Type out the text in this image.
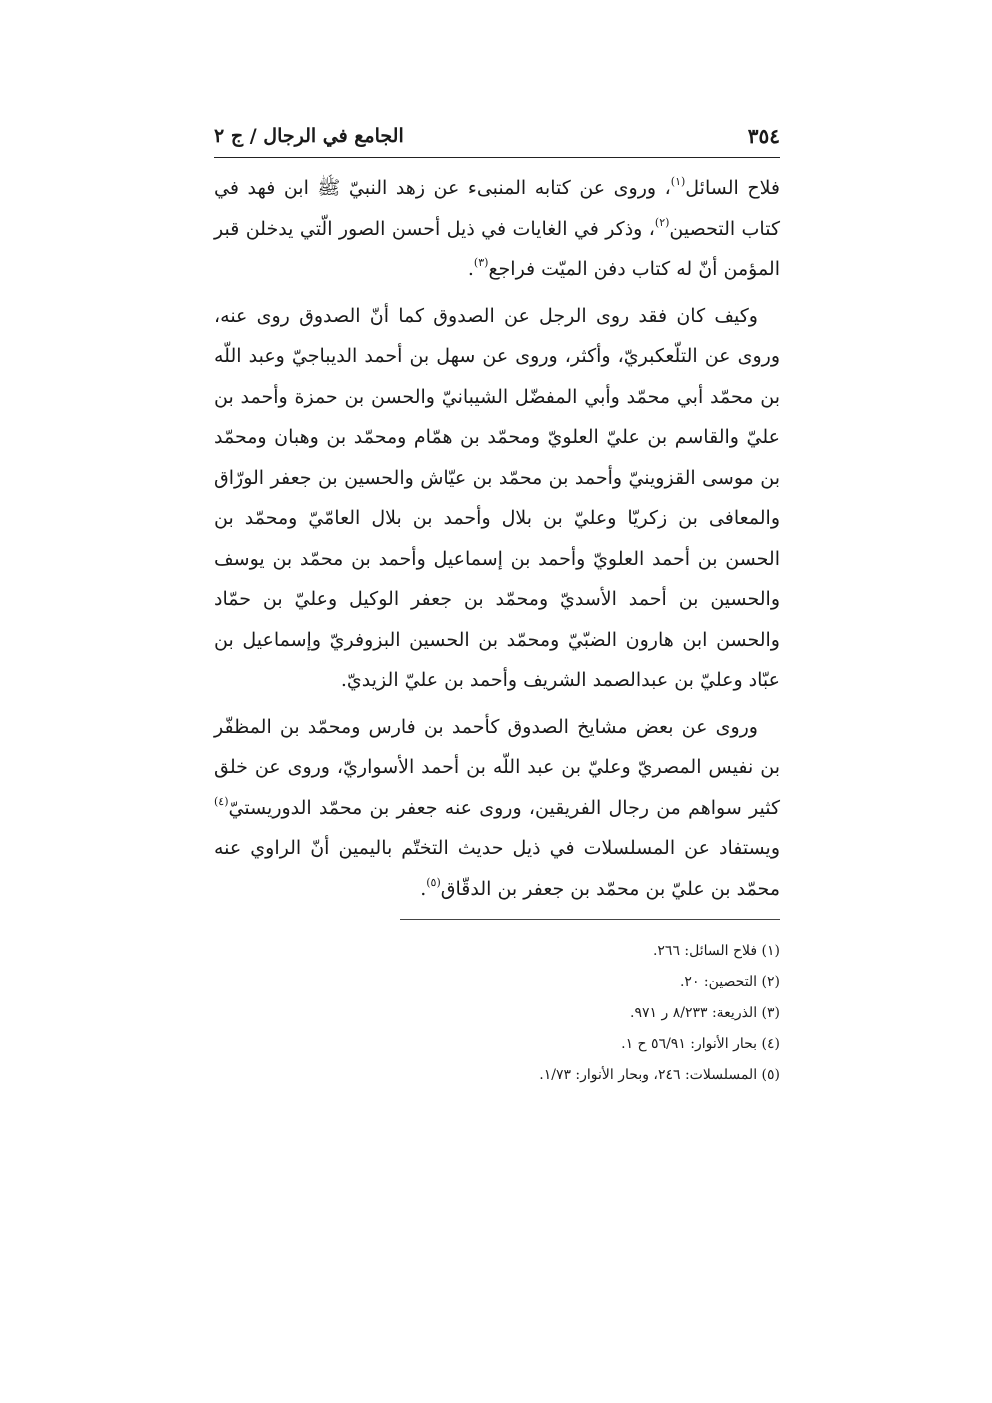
٣٥٤
الجامع في الرجال / ج ٢

فلاح السائل$^{(١)}$، وروى عن كتابه المنبىء عن زهد النبيّ ﷺ ابن فهد في كتاب التحصين$^{(٢)}$، وذكر في الغايات في ذيل أحسن الصور الّتي يدخلن قبر المؤمن أنّ له كتاب دفن الميّت فراجع$^{(٣)}$.

وكيف كان فقد روى الرجل عن الصدوق كما أنّ الصدوق روى عنه، وروى عن التلّعكبريّ، وأكثر، وروى عن سهل بن أحمد الديباجيّ وعبد اللّه بن محمّد أبي محمّد وأبي المفضّل الشيبانيّ والحسن بن حمزة وأحمد بن عليّ والقاسم بن عليّ العلويّ ومحمّد بن همّام ومحمّد بن وهبان ومحمّد بن موسى القزوينيّ وأحمد بن محمّد بن عيّاش والحسين بن جعفر الورّاق والمعافى بن زكريّا وعليّ بن بلال وأحمد بن بلال العامّيّ ومحمّد بن الحسن بن أحمد العلويّ وأحمد بن إسماعيل وأحمد بن محمّد بن يوسف والحسين بن أحمد الأسديّ ومحمّد بن جعفر الوكيل وعليّ بن حمّاد والحسن ابن هارون الضبّيّ ومحمّد بن الحسين البزوفريّ وإسماعيل بن عبّاد وعليّ بن عبدالصمد الشريف وأحمد بن عليّ الزيديّ.

وروى عن بعض مشايخ الصدوق كأحمد بن فارس ومحمّد بن المظفّر بن نفيس المصريّ وعليّ بن عبد اللّه بن أحمد الأسواريّ، وروى عن خلق كثير سواهم من رجال الفريقين، وروى عنه جعفر بن محمّد الدوريستيّ$^{(٤)}$ ويستفاد عن المسلسلات في ذيل حديث التختّم باليمين أنّ الراوي عنه محمّد بن عليّ بن محمّد بن جعفر بن الدقّاق$^{(٥)}$.

(١) فلاح السائل: ٢٦٦.
(٢) التحصين: ٢٠.
(٣) الذريعة: ٨/٢٣٣ ر ٩٧١.
(٤) بحار الأنوار: ٥٦/٩١ ح ١.
(٥) المسلسلات: ٢٤٦، وبحار الأنوار: ١/٧٣.
